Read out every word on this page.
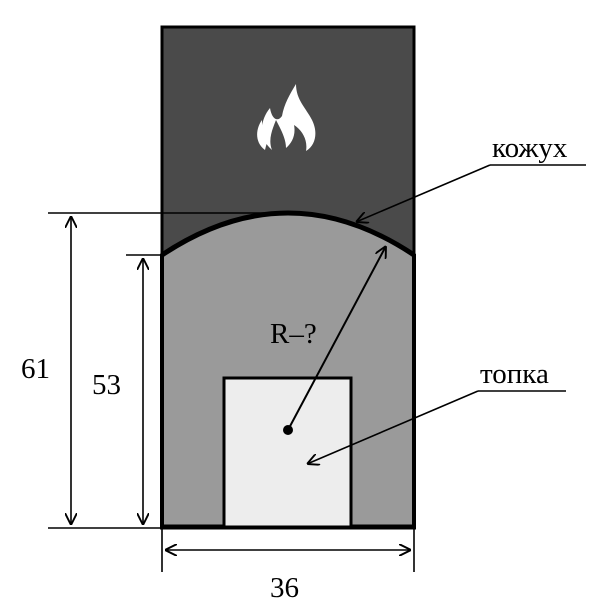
61 53
36
R–?
кожух
топка
